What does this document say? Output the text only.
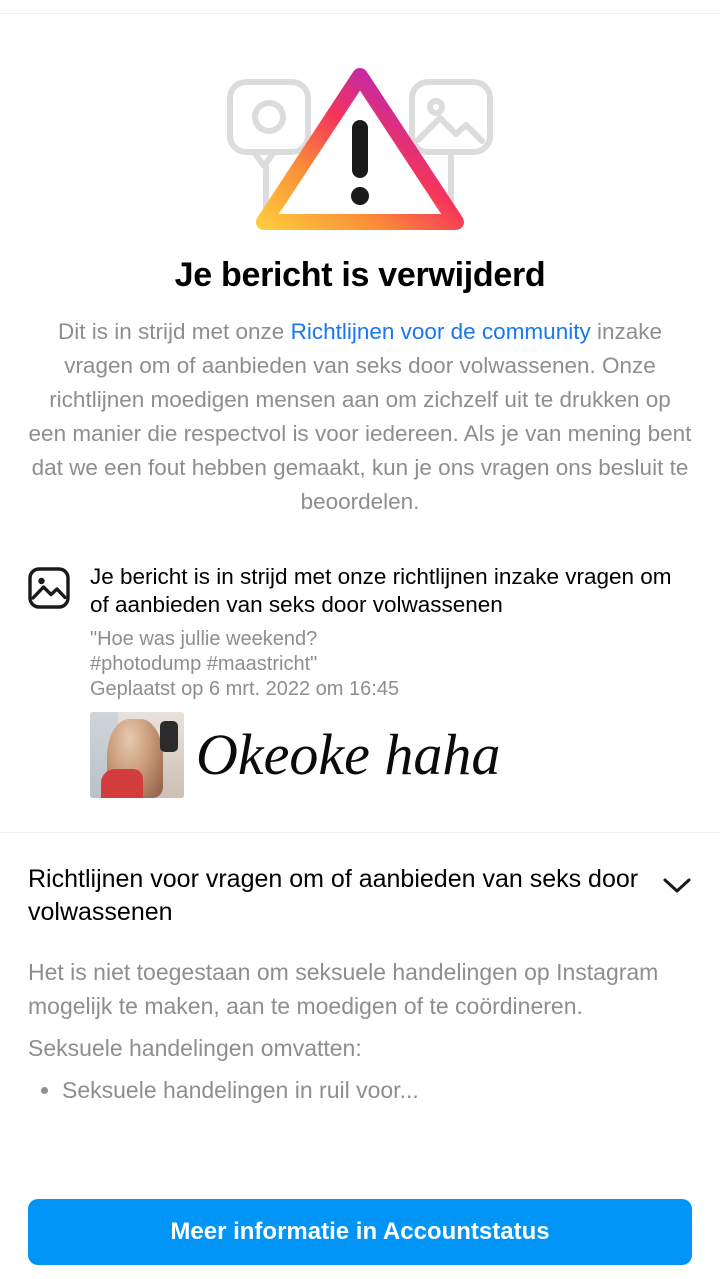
Je bericht is verwijderd
Dit is in strijd met onze Richtlijnen voor de community inzake vragen om of aanbieden van seks door volwassenen. Onze richtlijnen moedigen mensen aan om zichzelf uit te drukken op een manier die respectvol is voor iedereen. Als je van mening bent dat we een fout hebben gemaakt, kun je ons vragen ons besluit te beoordelen.
Je bericht is in strijd met onze richtlijnen inzake vragen om of aanbieden van seks door volwassenen
"Hoe was jullie weekend?
#photodump #maastricht"
Geplaatst op 6 mrt. 2022 om 16:45
Okeoke haha
Richtlijnen voor vragen om of aanbieden van seks door volwassenen

Het is niet toegestaan om seksuele handelingen op Instagram mogelijk te maken, aan te moedigen of te coördineren.

Seksuele handelingen omvatten:

• Seksuele handelingen in ruil voor...
Meer informatie in Accountstatus
